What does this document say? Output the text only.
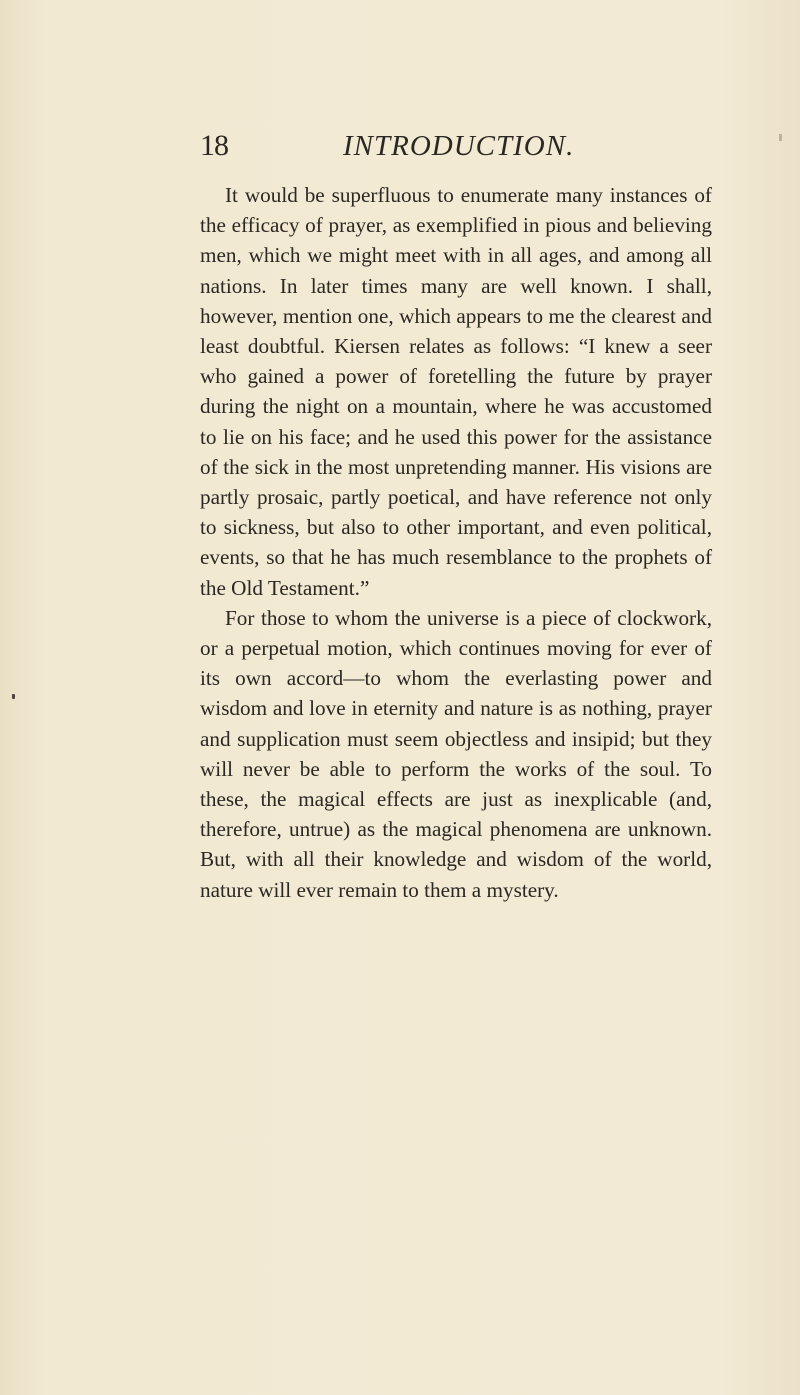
18	INTRODUCTION.

It would be superfluous to enumerate many instances of the efficacy of prayer, as exemplified in pious and believing men, which we might meet with in all ages, and among all nations. In later times many are well known. I shall, however, mention one, which appears to me the clearest and least doubtful. Kiersen relates as follows: “I knew a seer who gained a power of foretelling the future by prayer during the night on a mountain, where he was accustomed to lie on his face; and he used this power for the assistance of the sick in the most unpretending manner. His visions are partly prosaic, partly poetical, and have reference not only to sickness, but also to other important, and even political, events, so that he has much resemblance to the prophets of the Old Testament.”

For those to whom the universe is a piece of clockwork, or a perpetual motion, which continues moving for ever of its own accord—to whom the everlasting power and wisdom and love in eternity and nature is as nothing, prayer and supplication must seem objectless and insipid; but they will never be able to perform the works of the soul. To these, the magical effects are just as inexplicable (and, therefore, untrue) as the magical phenomena are unknown. But, with all their knowledge and wisdom of the world, nature will ever remain to them a mystery.
